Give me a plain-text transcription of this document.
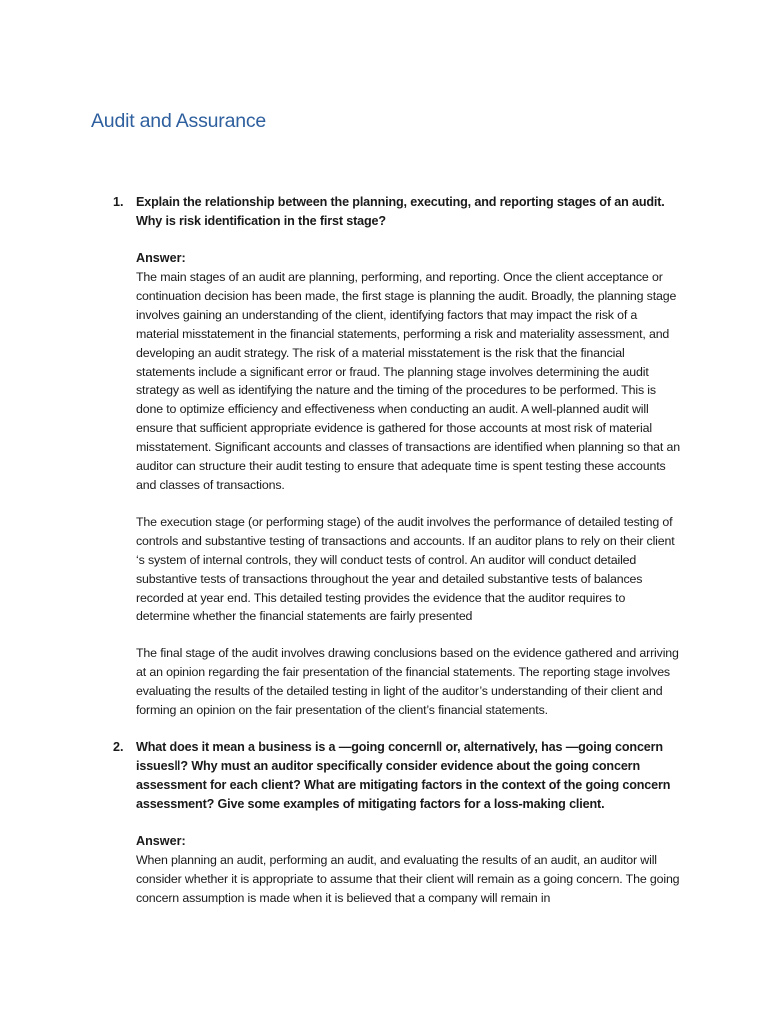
Audit and Assurance
1. Explain the relationship between the planning, executing, and reporting stages of an audit. Why is risk identification in the first stage?

Answer:

The main stages of an audit are planning, performing, and reporting. Once the client acceptance or continuation decision has been made, the first stage is planning the audit. Broadly, the planning stage involves gaining an understanding of the client, identifying factors that may impact the risk of a material misstatement in the financial statements, performing a risk and materiality assessment, and developing an audit strategy. The risk of a material misstatement is the risk that the financial statements include a significant error or fraud. The planning stage involves determining the audit strategy as well as identifying the nature and the timing of the procedures to be performed. This is done to optimize efficiency and effectiveness when conducting an audit. A well-planned audit will ensure that sufficient appropriate evidence is gathered for those accounts at most risk of material misstatement. Significant accounts and classes of transactions are identified when planning so that an auditor can structure their audit testing to ensure that adequate time is spent testing these accounts and classes of transactions.

The execution stage (or performing stage) of the audit involves the performance of detailed testing of controls and substantive testing of transactions and accounts. If an auditor plans to rely on their client ‘s system of internal controls, they will conduct tests of control. An auditor will conduct detailed substantive tests of transactions throughout the year and detailed substantive tests of balances recorded at year end. This detailed testing provides the evidence that the auditor requires to determine whether the financial statements are fairly presented

The final stage of the audit involves drawing conclusions based on the evidence gathered and arriving at an opinion regarding the fair presentation of the financial statements. The reporting stage involves evaluating the results of the detailed testing in light of the auditor’s understanding of their client and forming an opinion on the fair presentation of the client’s financial statements.

2. What does it mean a business is a —going concern‖ or, alternatively, has —going concern issues‖? Why must an auditor specifically consider evidence about the going concern assessment for each client? What are mitigating factors in the context of the going concern assessment? Give some examples of mitigating factors for a loss-making client.

Answer:

When planning an audit, performing an audit, and evaluating the results of an audit, an auditor will consider whether it is appropriate to assume that their client will remain as a going concern. The going concern assumption is made when it is believed that a company will remain in
